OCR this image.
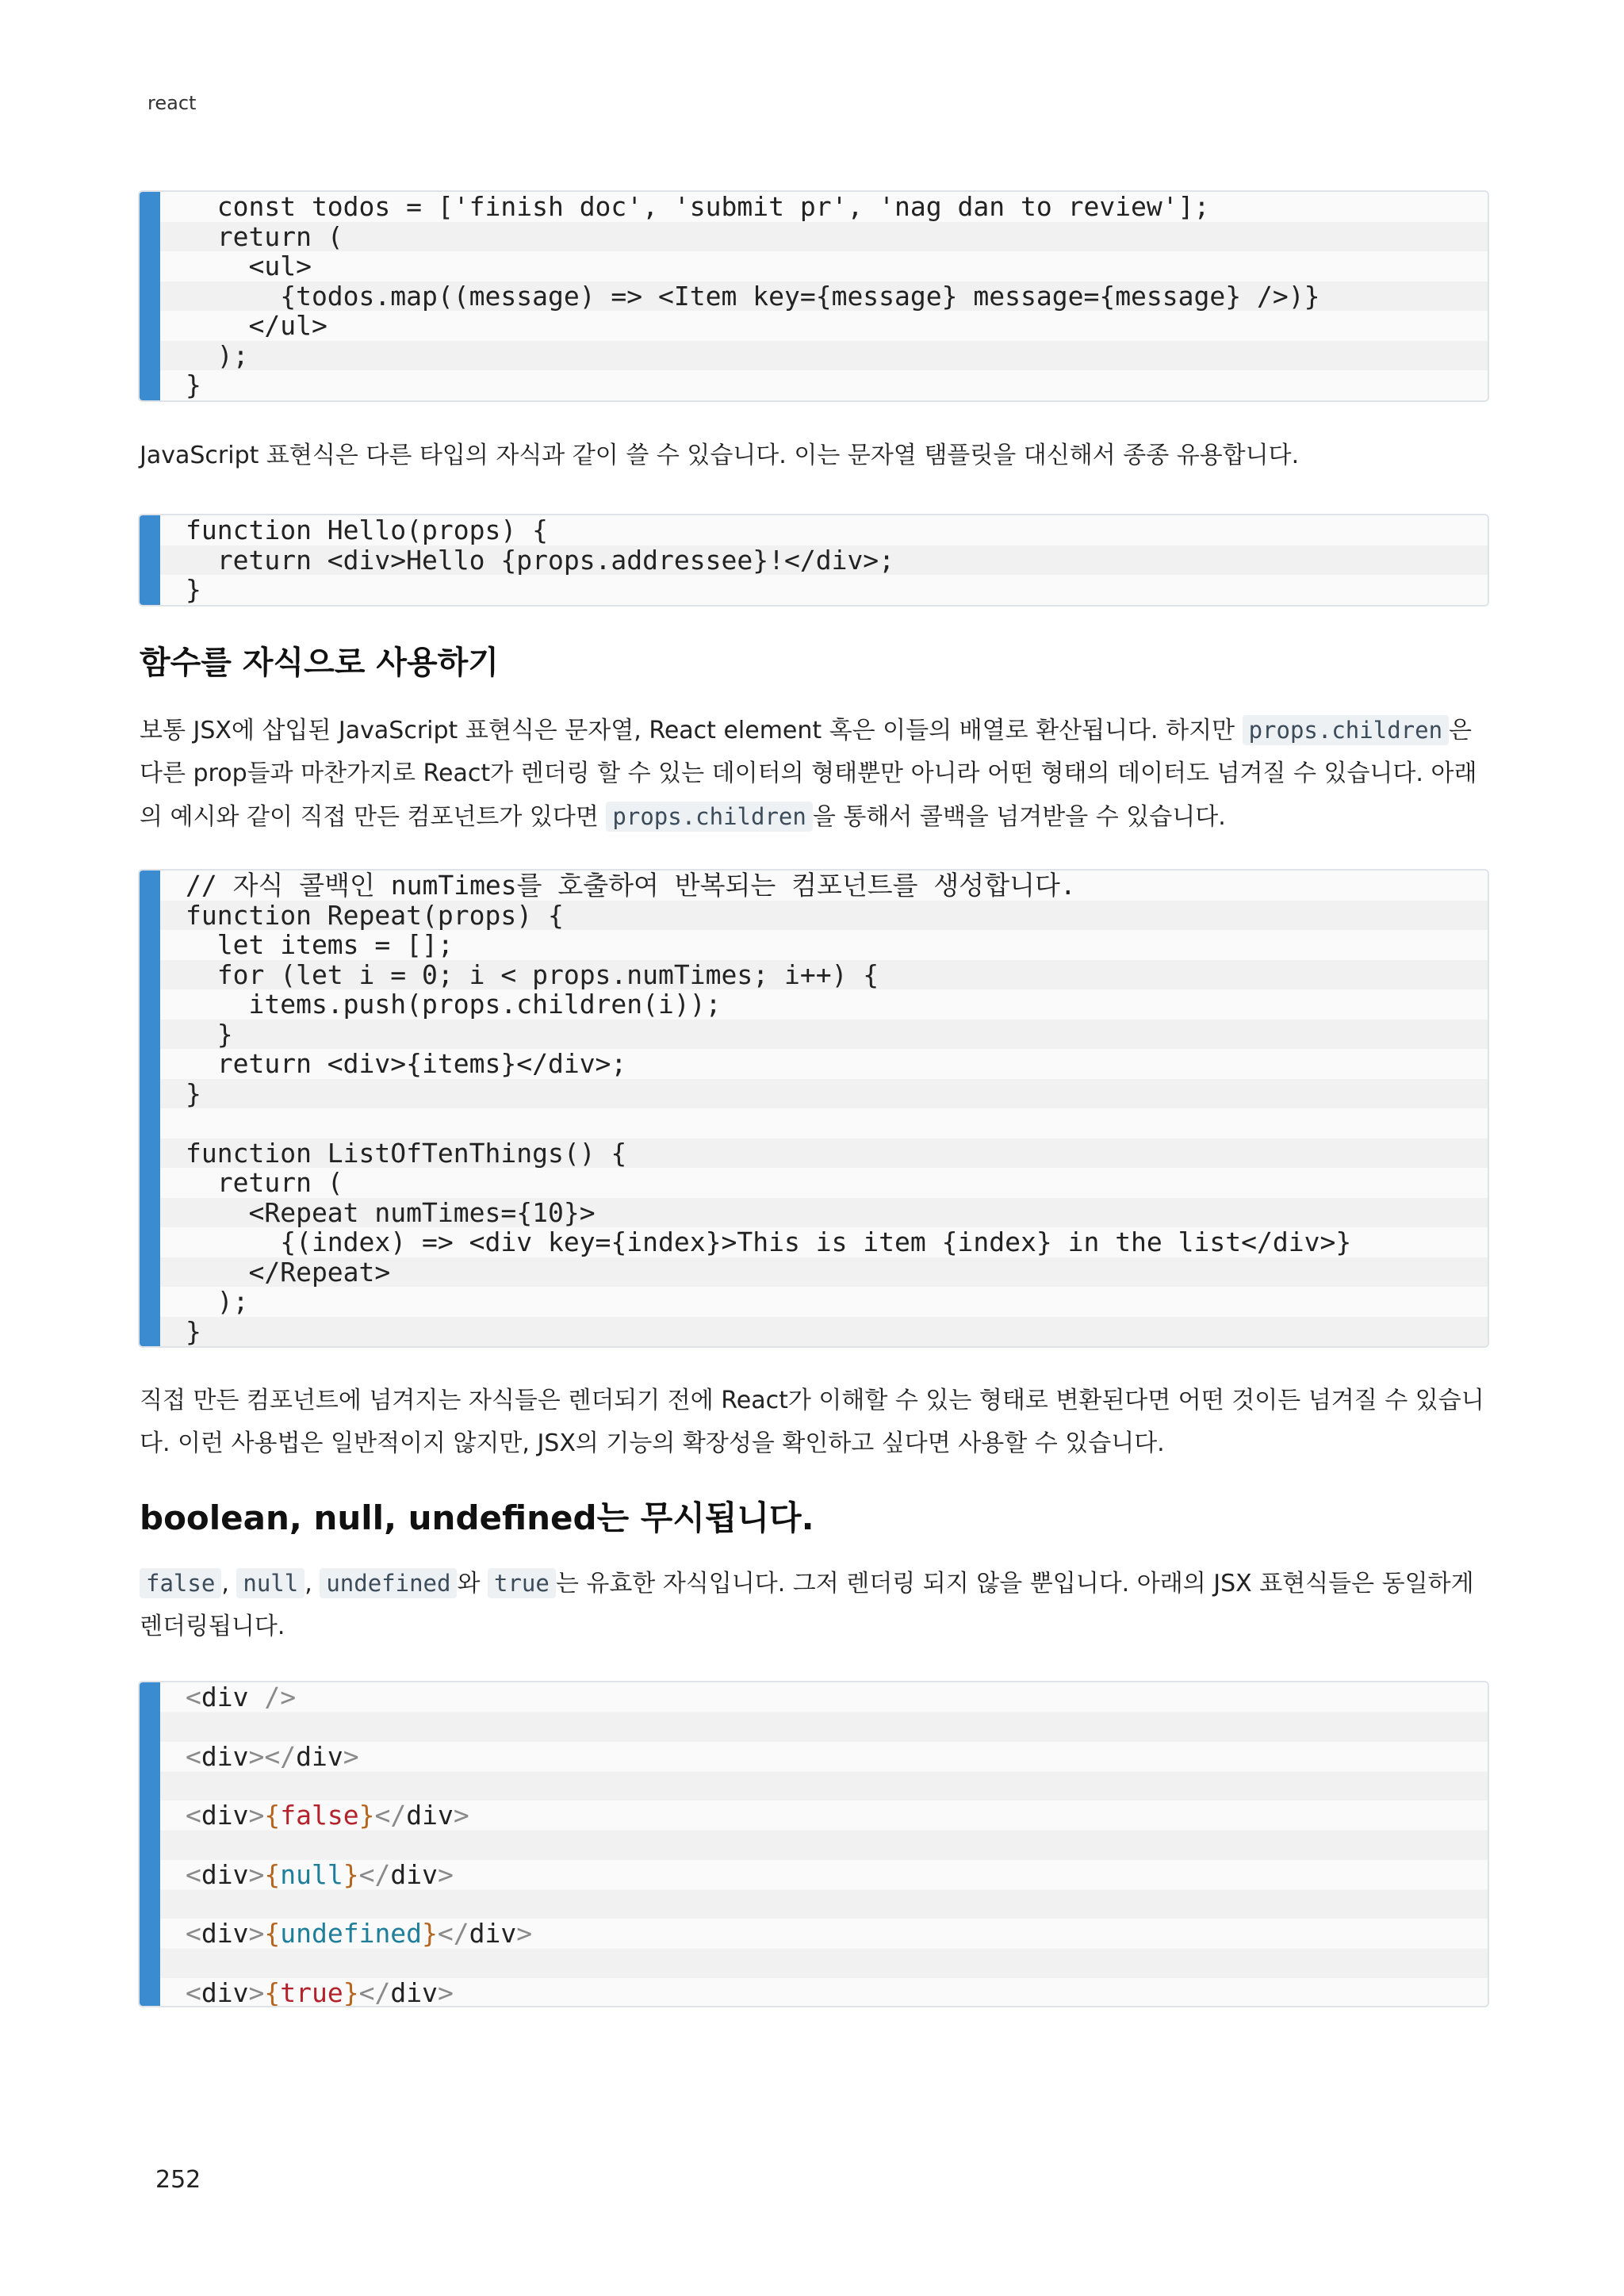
react
const todos = ['finish doc', 'submit pr', 'nag dan to review'];
return (
<ul>
{todos.map((message) => <Item key={message} message={message} />)}
</ul>
);
}
JavaScript 표현식은 다른 타입의 자식과 같이 쓸 수 있습니다. 이는 문자열 탬플릿을 대신해서 종종 유용합니다.
function Hello(props) {
return <div>Hello {props.addressee}!</div>;
}
함수를 자식으로 사용하기
보통 JSX에 삽입된 JavaScript 표현식은 문자열, React element 혹은 이들의 배열로 환산됩니다. 하지만 props.children 은 다른 prop들과 마찬가지로 React가 렌더링 할 수 있는 데이터의 형태뿐만 아니라 어떤 형태의 데이터도 넘겨질 수 있습니다. 아래의 예시와 같이 직접 만든 컴포넌트가 있다면 props.children 을 통해서 콜백을 넘겨받을 수 있습니다.
// 자식 콜백인 numTimes를 호출하여 반복되는 컴포넌트를 생성합니다.
function Repeat(props) {
let items = [];
for (let i = 0; i < props.numTimes; i++) {
items.push(props.children(i));
}
return <div>{items}</div>;
}
function ListOfTenThings() {
return (
<Repeat numTimes={10}>
{(index) => <div key={index}>This is item {index} in the list</div>}
</Repeat>
);
}
직접 만든 컴포넌트에 넘겨지는 자식들은 렌더되기 전에 React가 이해할 수 있는 형태로 변환된다면 어떤 것이든 넘겨질 수 있습니다. 이런 사용법은 일반적이지 않지만, JSX의 기능의 확장성을 확인하고 싶다면 사용할 수 있습니다.
boolean, null, undefined는 무시됩니다.
false , null , undefined 와 true 는 유효한 자식입니다. 그저 렌더링 되지 않을 뿐입니다. 아래의 JSX 표현식들은 동일하게 렌더링됩니다.
<div />
<div></div>
<div>{false}</div>
<div>{null}</div>
<div>{undefined}</div>
<div>{true}</div>
252
